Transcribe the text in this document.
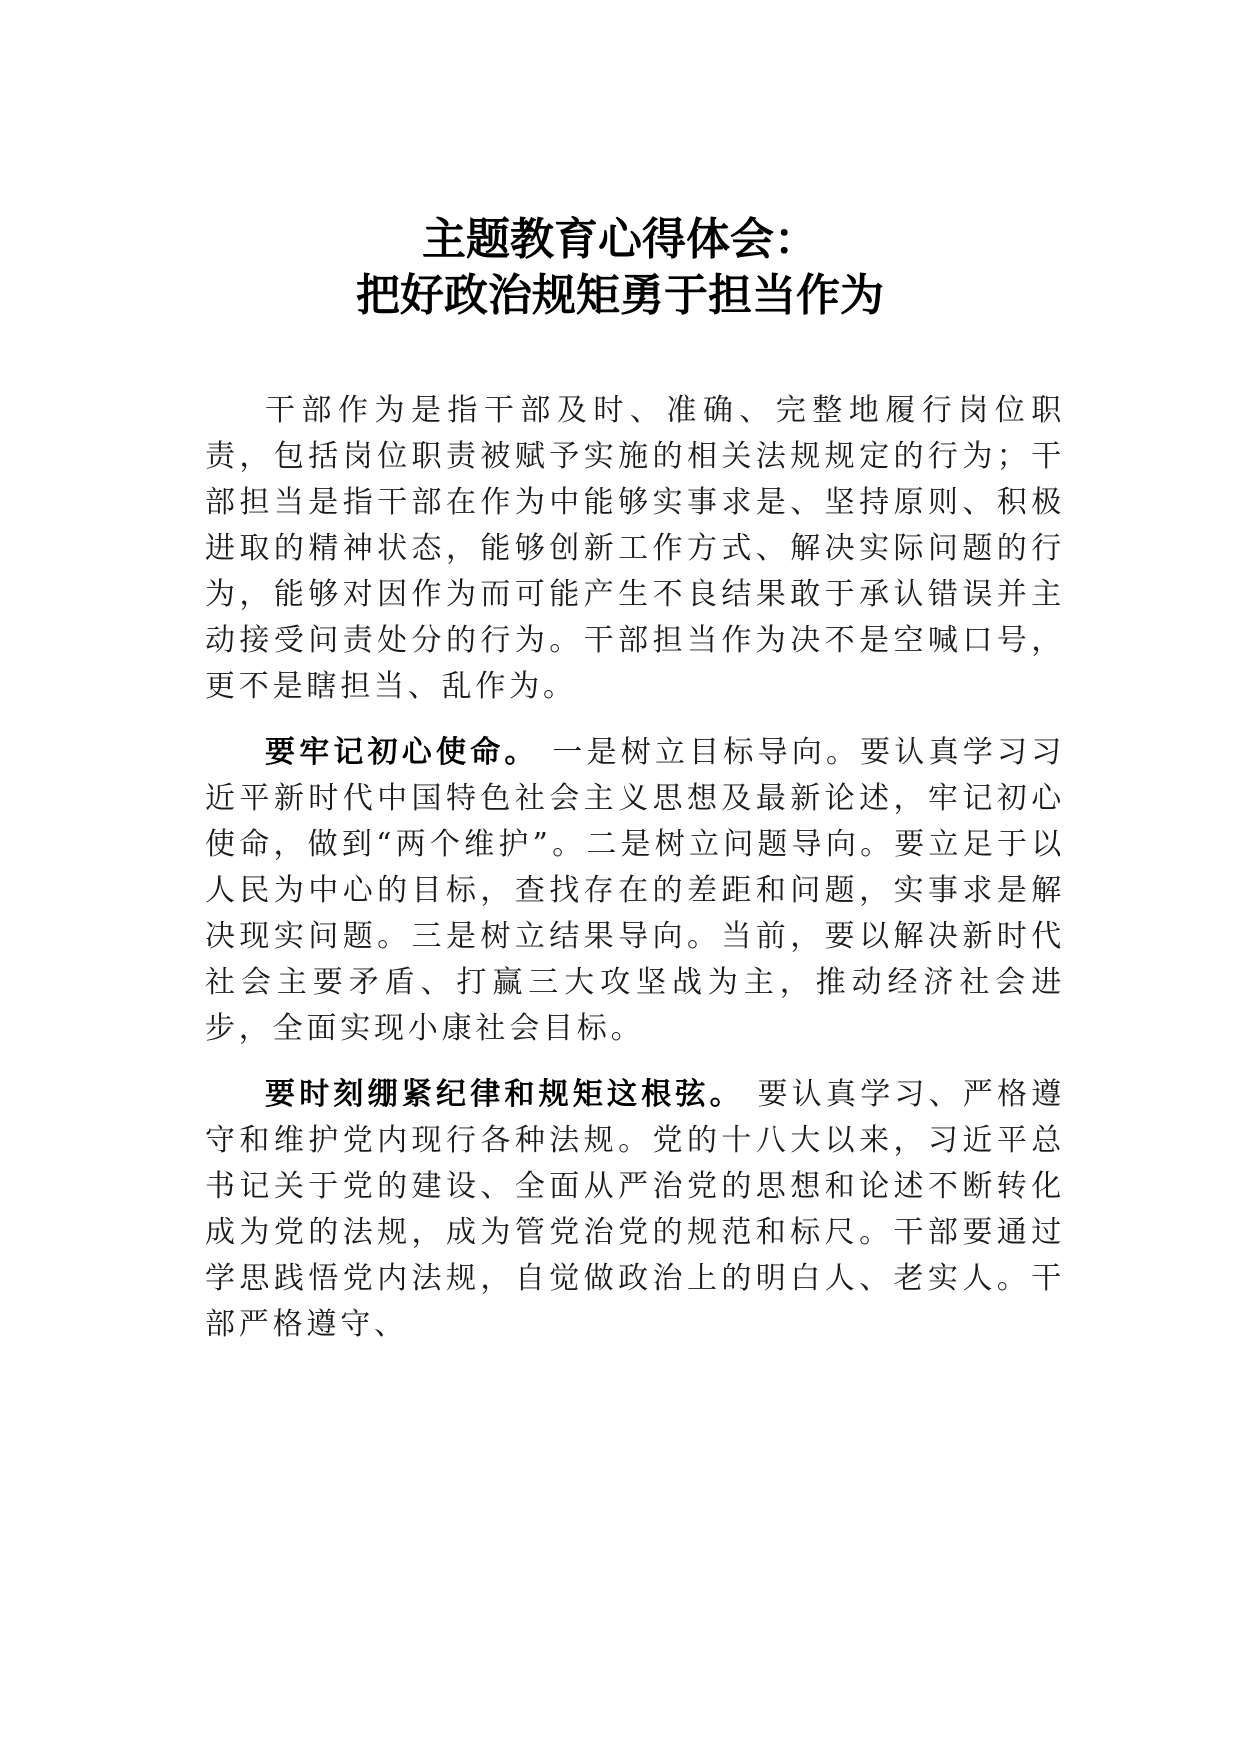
主题教育心得体会：
把好政治规矩勇于担当作为

干部作为是指干部及时、准确、完整地履行岗位职责，包括岗位职责被赋予实施的相关法规规定的行为；干部担当是指干部在作为中能够实事求是、坚持原则、积极进取的精神状态，能够创新工作方式、解决实际问题的行为，能够对因作为而可能产生不良结果敢于承认错误并主动接受问责处分的行为。干部担当作为决不是空喊口号，更不是瞎担当、乱作为。

要牢记初心使命。 一是树立目标导向。要认真学习习近平新时代中国特色社会主义思想及最新论述，牢记初心使命，做到“两个维护”。二是树立问题导向。要立足于以人民为中心的目标，查找存在的差距和问题，实事求是解决现实问题。三是树立结果导向。当前，要以解决新时代社会主要矛盾、打赢三大攻坚战为主，推动经济社会进步，全面实现小康社会目标。

要时刻绷紧纪律和规矩这根弦。 要认真学习、严格遵守和维护党内现行各种法规。党的十八大以来，习近平总书记关于党的建设、全面从严治党的思想和论述不断转化成为党的法规，成为管党治党的规范和标尺。干部要通过学思践悟党内法规，自觉做政治上的明白人、老实人。干部严格遵守、
